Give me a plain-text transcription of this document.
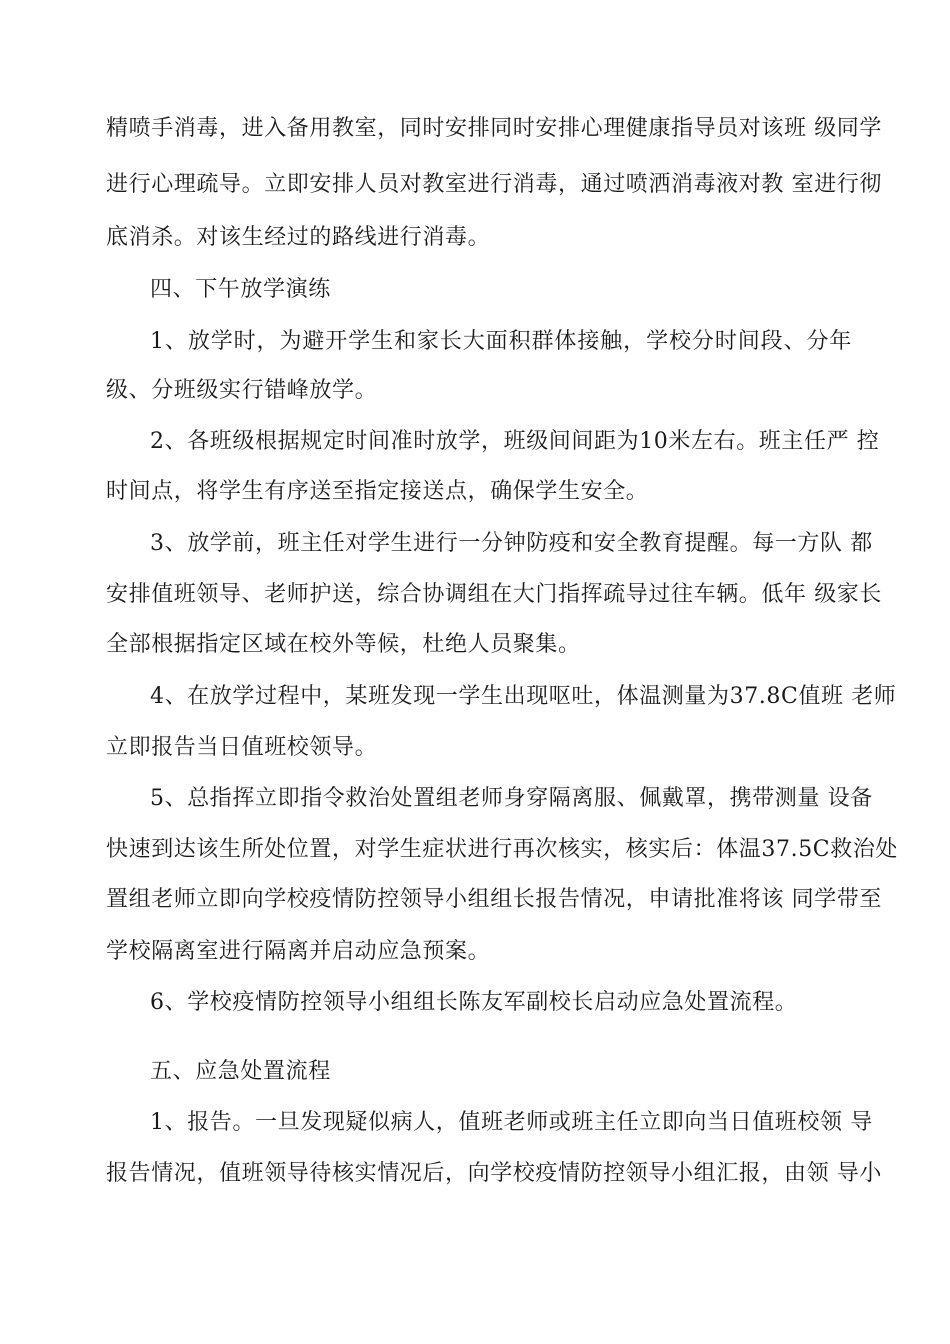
精喷手消毒，进入备用教室，同时安排同时安排心理健康指导员对该班 级同学
进行心理疏导。立即安排人员对教室进行消毒，通过喷洒消毒液对教 室进行彻
底消杀。对该生经过的路线进行消毒。
四、下午放学演练
1、放学时，为避开学生和家长大面积群体接触，学校分时间段、分年
级、分班级实行错峰放学。
2、各班级根据规定时间准时放学，班级间间距为10米左右。班主任严 控
时间点，将学生有序送至指定接送点，确保学生安全。
3、放学前，班主任对学生进行一分钟防疫和安全教育提醒。每一方队 都
安排值班领导、老师护送，综合协调组在大门指挥疏导过往车辆。低年 级家长
全部根据指定区域在校外等候，杜绝人员聚集。
4、在放学过程中，某班发现一学生出现呕吐，体温测量为37.8C值班 老师
立即报告当日值班校领导。
5、总指挥立即指令救治处置组老师身穿隔离服、佩戴罩，携带测量 设备
快速到达该生所处位置，对学生症状进行再次核实，核实后：体温37.5C救治处
置组老师立即向学校疫情防控领导小组组长报告情况，申请批准将该 同学带至
学校隔离室进行隔离并启动应急预案。
6、学校疫情防控领导小组组长陈友军副校长启动应急处置流程。
五、应急处置流程
1、报告。一旦发现疑似病人，值班老师或班主任立即向当日值班校领 导
报告情况，值班领导待核实情况后，向学校疫情防控领导小组汇报，由领 导小
